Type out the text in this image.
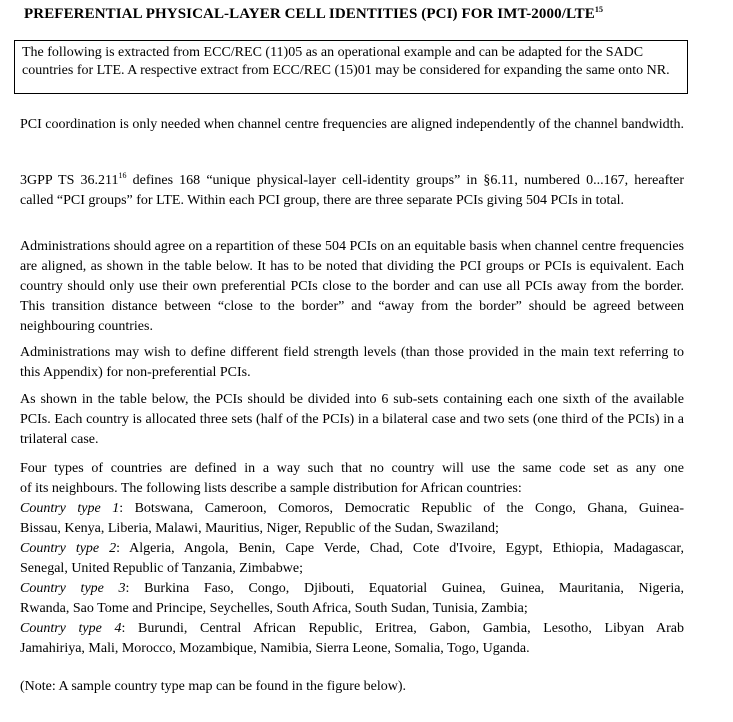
PREFERENTIAL PHYSICAL-LAYER CELL IDENTITIES (PCI) FOR IMT-2000/LTE$^{15}$
The following is extracted from ECC/REC (11)05 as an operational example and can be adapted for the SADC countries for LTE. A respective extract from ECC/REC (15)01 may be considered for expanding the same onto NR.
PCI coordination is only needed when channel centre frequencies are aligned independently of the channel bandwidth.
3GPP TS 36.211$^{16}$ defines 168 “unique physical-layer cell-identity groups” in §6.11, numbered 0...167, hereafter called “PCI groups” for LTE. Within each PCI group, there are three separate PCIs giving 504 PCIs in total.
Administrations should agree on a repartition of these 504 PCIs on an equitable basis when channel centre frequencies are aligned, as shown in the table below. It has to be noted that dividing the PCI groups or PCIs is equivalent. Each country should only use their own preferential PCIs close to the border and can use all PCIs away from the border. This transition distance between “close to the border” and “away from the border” should be agreed between neighbouring countries.
Administrations may wish to define different field strength levels (than those provided in the main text referring to this Appendix) for non-preferential PCIs.
As shown in the table below, the PCIs should be divided into 6 sub-sets containing each one sixth of the available PCIs. Each country is allocated three sets (half of the PCIs) in a bilateral case and two sets (one third of the PCIs) in a trilateral case.
Four types of countries are defined in a way such that no country will use the same code set as any one
of its neighbours. The following lists describe a sample distribution for African countries:
Country type 1: Botswana, Cameroon, Comoros, Democratic Republic of the Congo, Ghana, Guinea-
Bissau, Kenya, Liberia, Malawi, Mauritius, Niger, Republic of the Sudan, Swaziland;
Country type 2: Algeria, Angola, Benin, Cape Verde, Chad, Cote d'Ivoire, Egypt, Ethiopia, Madagascar,
Senegal, United Republic of Tanzania, Zimbabwe;
Country type 3: Burkina Faso, Congo, Djibouti, Equatorial Guinea, Guinea, Mauritania, Nigeria,
Rwanda, Sao Tome and Principe, Seychelles, South Africa, South Sudan, Tunisia, Zambia;
Country type 4: Burundi, Central African Republic, Eritrea, Gabon, Gambia, Lesotho, Libyan Arab
Jamahiriya, Mali, Morocco, Mozambique, Namibia, Sierra Leone, Somalia, Togo, Uganda.
(Note: A sample country type map can be found in the figure below).
